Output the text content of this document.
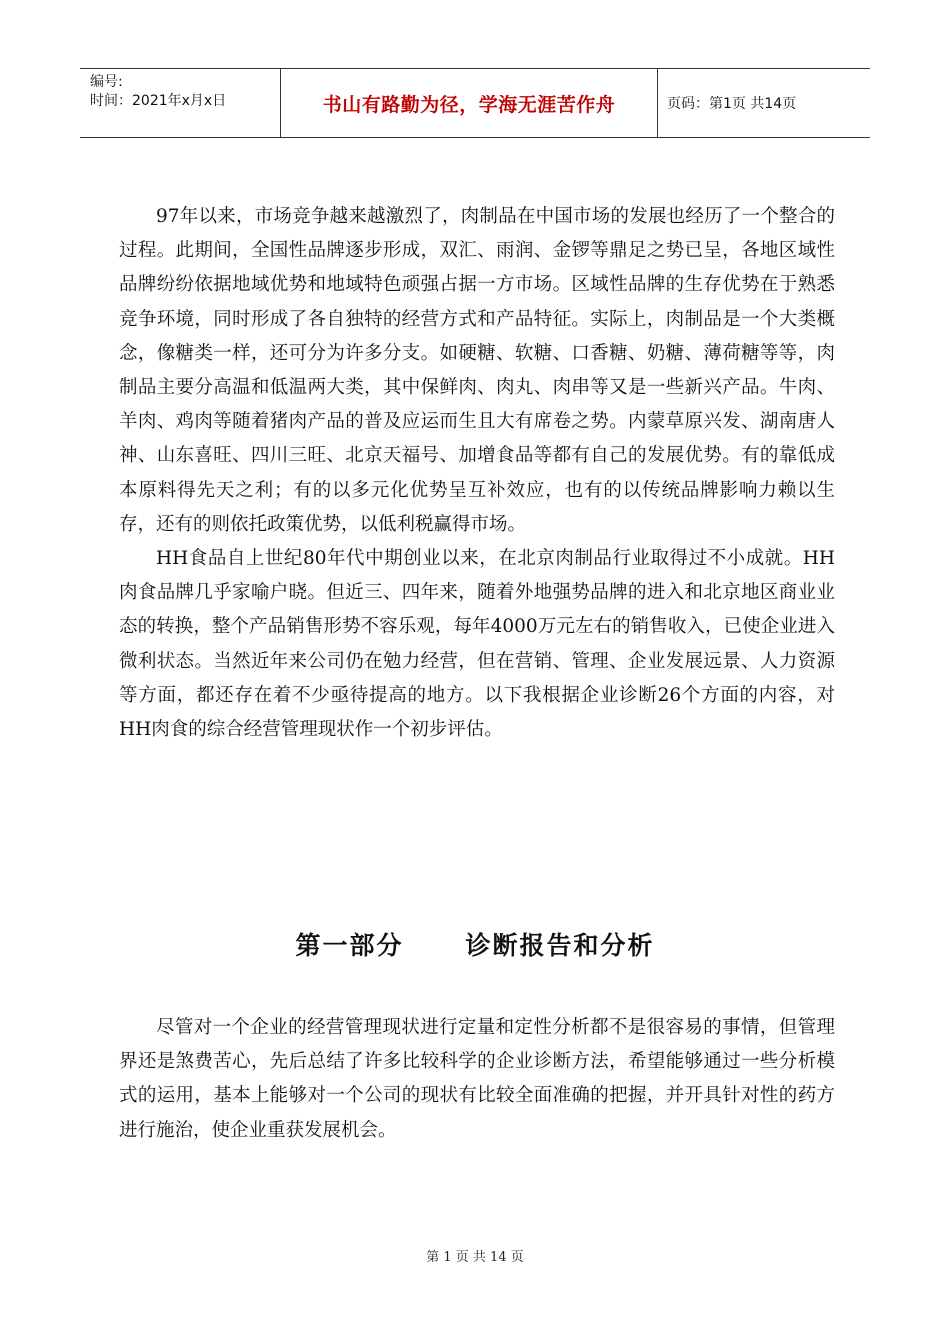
编号:
时间：2021年x月x日	书山有路勤为径，学海无涯苦作舟	页码：第1页 共14页

97年以来，市场竞争越来越激烈了，肉制品在中国市场的发展也经历了一个整合的过程。此期间，全国性品牌逐步形成，双汇、雨润、金锣等鼎足之势已呈，各地区域性品牌纷纷依据地域优势和地域特色顽强占据一方市场。区域性品牌的生存优势在于熟悉竞争环境，同时形成了各自独特的经营方式和产品特征。实际上，肉制品是一个大类概念，像糖类一样，还可分为许多分支。如硬糖、软糖、口香糖、奶糖、薄荷糖等等，肉制品主要分高温和低温两大类，其中保鲜肉、肉丸、肉串等又是一些新兴产品。牛肉、羊肉、鸡肉等随着猪肉产品的普及应运而生且大有席卷之势。内蒙草原兴发、湖南唐人神、山东喜旺、四川三旺、北京天福号、加增食品等都有自己的发展优势。有的靠低成本原料得先天之利；有的以多元化优势呈互补效应，也有的以传统品牌影响力赖以生存，还有的则依托政策优势，以低利税赢得市场。

HH食品自上世纪80年代中期创业以来，在北京肉制品行业取得过不小成就。HH肉食品牌几乎家喻户晓。但近三、四年来，随着外地强势品牌的进入和北京地区商业业态的转换，整个产品销售形势不容乐观，每年4000万元左右的销售收入，已使企业进入微利状态。当然近年来公司仍在勉力经营，但在营销、管理、企业发展远景、人力资源等方面，都还存在着不少亟待提高的地方。以下我根据企业诊断26个方面的内容，对HH肉食的综合经营管理现状作一个初步评估。

第一部分 诊断报告和分析

尽管对一个企业的经营管理现状进行定量和定性分析都不是很容易的事情，但管理界还是煞费苦心，先后总结了许多比较科学的企业诊断方法，希望能够通过一些分析模式的运用，基本上能够对一个公司的现状有比较全面准确的把握，并开具针对性的药方进行施治，使企业重获发展机会。

第 1 页 共 14 页
